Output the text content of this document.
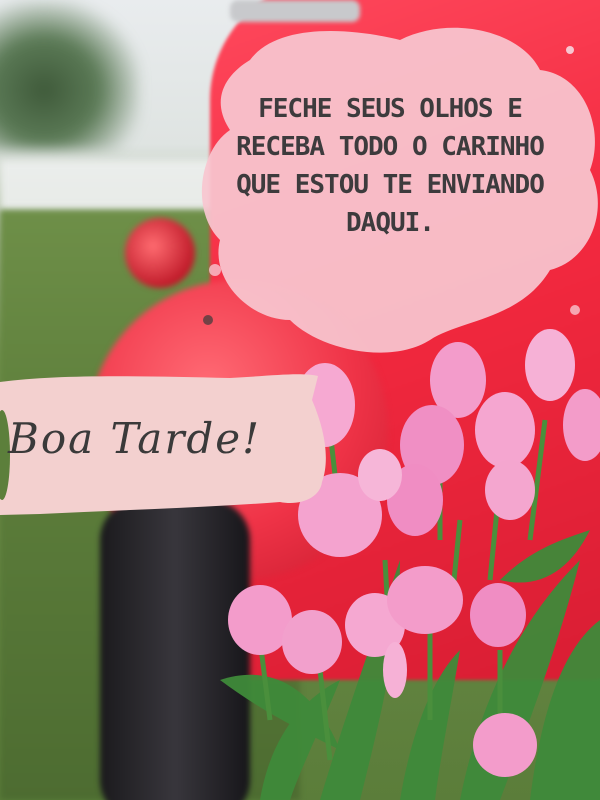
FECHE SEUS OLHOS E
RECEBA TODO O CARINHO
QUE ESTOU TE ENVIANDO
DAQUI.
Boa Tarde!
